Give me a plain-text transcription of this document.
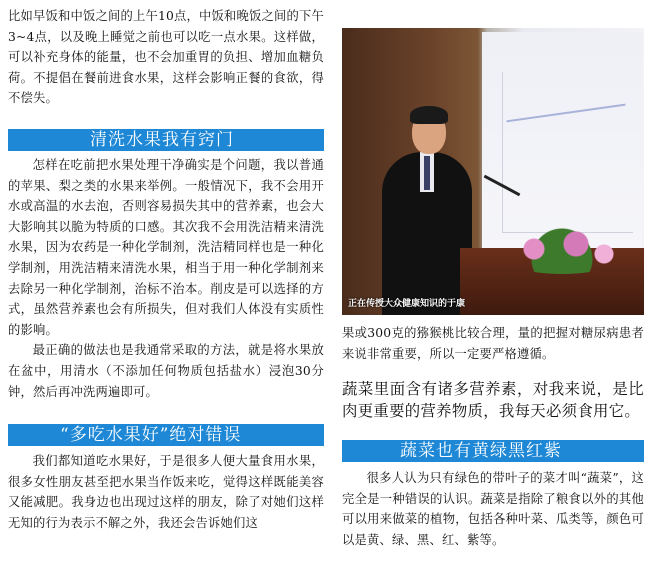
比如早饭和中饭之间的上午10点，中饭和晚饭之间的下午3~4点，以及晚上睡觉之前也可以吃一点水果。这样做，可以补充身体的能量，也不会加重胃的负担、增加血糖负荷。不提倡在餐前进食水果，这样会影响正餐的食欲，得不偿失。

清洗水果我有窍门

怎样在吃前把水果处理干净确实是个问题，我以普通的苹果、梨之类的水果来举例。一般情况下，我不会用开水或高温的水去泡，否则容易损失其中的营养素，也会大大影响其以脆为特质的口感。其次我不会用洗洁精来清洗水果，因为农药是一种化学制剂，洗洁精同样也是一种化学制剂，用洗洁精来清洗水果，相当于用一种化学制剂来去除另一种化学制剂，治标不治本。削皮是可以选择的方式，虽然营养素也会有所损失，但对我们人体没有实质性的影响。

最正确的做法也是我通常采取的方法，就是将水果放在盆中，用清水（不添加任何物质包括盐水）浸泡30分钟，然后再冲洗两遍即可。

“多吃水果好”绝对错误

我们都知道吃水果好，于是很多人便大量食用水果，很多女性朋友甚至把水果当作饭来吃，觉得这样既能美容又能减肥。我身边也出现过这样的朋友，除了对她们这样无知的行为表示不解之外，我还会告诉她们这

正在传授大众健康知识的于康

果或300克的猕猴桃比较合理，量的把握对糖尿病患者来说非常重要，所以一定要严格遵循。

蔬菜里面含有诸多营养素，对我来说，是比肉更重要的营养物质，我每天必须食用它。

蔬菜也有黄绿黑红紫

很多人认为只有绿色的带叶子的菜才叫“蔬菜”，这完全是一种错误的认识。蔬菜是指除了粮食以外的其他可以用来做菜的植物，包括各种叶菜、瓜类等，颜色可以是黄、绿、黑、红、紫等。
